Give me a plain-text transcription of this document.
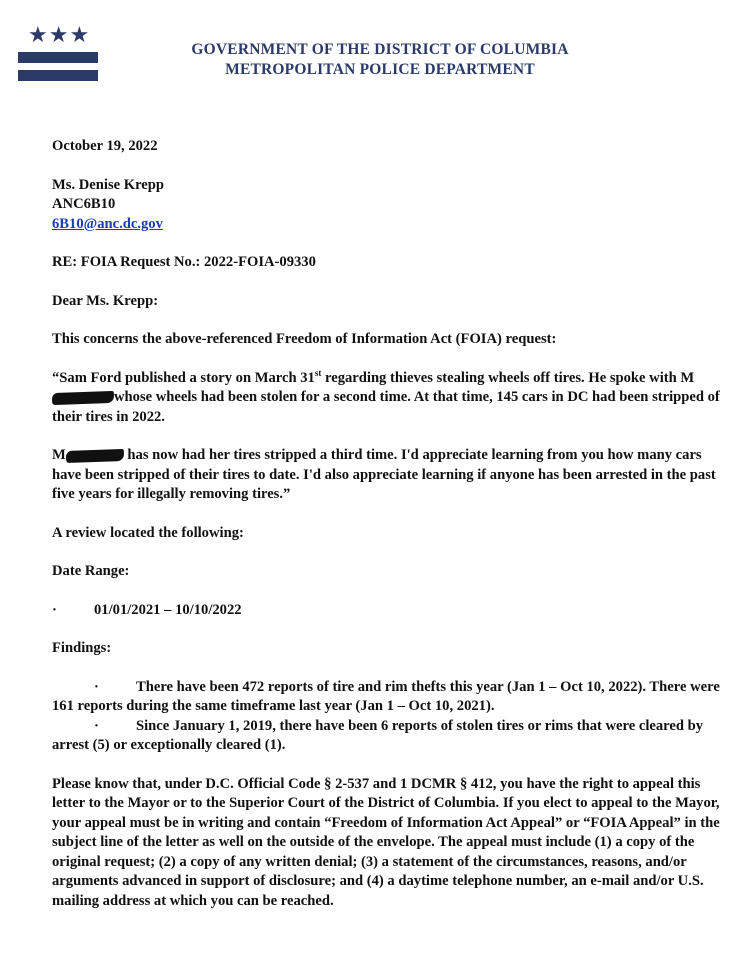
★★★
GOVERNMENT OF THE DISTRICT OF COLUMBIA
METROPOLITAN POLICE DEPARTMENT

October 19, 2022

Ms. Denise Krepp
ANC6B10
6B10@anc.dc.gov

RE: FOIA Request No.: 2022-FOIA-09330

Dear Ms. Krepp:

This concerns the above-referenced Freedom of Information Act (FOIA) request:

“Sam Ford published a story on March 31st regarding thieves stealing wheels off tires. He spoke with Mwhose wheels had been stolen for a second time. At that time, 145 cars in DC had been stripped of their tires in 2022.

M	has now had her tires stripped a third time. I'd appreciate learning from you how many cars have been stripped of their tires to date. I'd also appreciate learning if anyone has been arrested in the past five years for illegally removing tires.”

A review located the following:

Date Range:

·	01/01/2021 – 10/10/2022

Findings:

·	There have been 472 reports of tire and rim thefts this year (Jan 1 – Oct 10, 2022). There were 161 reports during the same timeframe last year (Jan 1 – Oct 10, 2021).

·	Since January 1, 2019, there have been 6 reports of stolen tires or rims that were cleared by arrest (5) or exceptionally cleared (1).

Please know that, under D.C. Official Code § 2-537 and 1 DCMR § 412, you have the right to appeal this letter to the Mayor or to the Superior Court of the District of Columbia. If you elect to appeal to the Mayor, your appeal must be in writing and contain “Freedom of Information Act Appeal” or “FOIA Appeal” in the subject line of the letter as well on the outside of the envelope. The appeal must include (1) a copy of the original request; (2) a copy of any written denial; (3) a statement of the circumstances, reasons, and/or arguments advanced in support of disclosure; and (4) a daytime telephone number, an e-mail and/or U.S. mailing address at which you can be reached.
